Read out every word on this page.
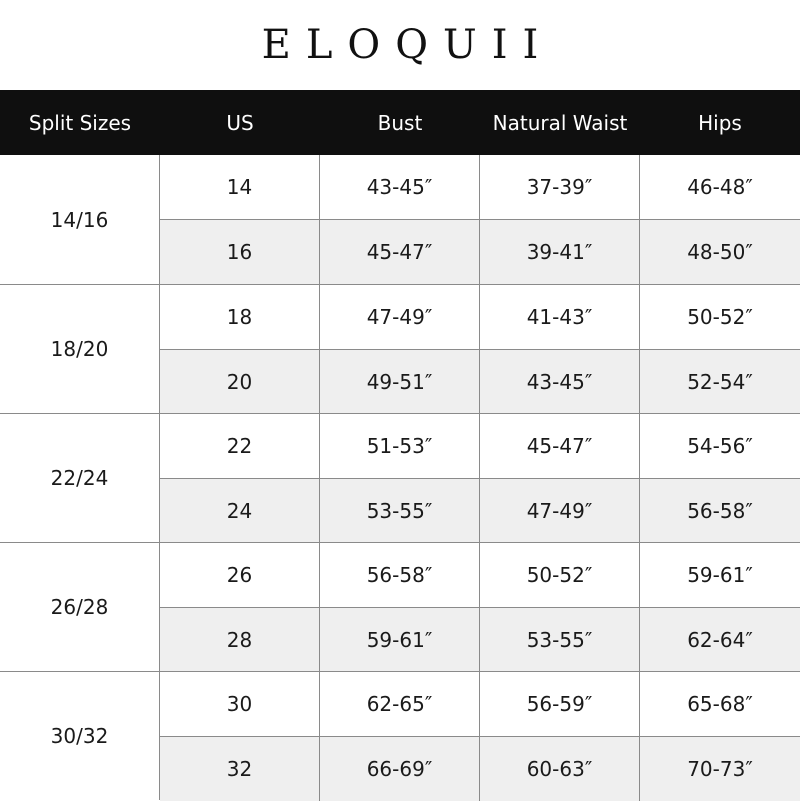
ELOQUII
Split Sizes	US	Bust	Natural Waist	Hips
14/16
14	43-45″	37-39″	46-48″
16	45-47″	39-41″	48-50″
18/20
18	47-49″	41-43″	50-52″
20	49-51″	43-45″	52-54″
22/24
22	51-53″	45-47″	54-56″
24	53-55″	47-49″	56-58″
26/28
26	56-58″	50-52″	59-61″
28	59-61″	53-55″	62-64″
30/32
30	62-65″	56-59″	65-68″
32	66-69″	60-63″	70-73″
